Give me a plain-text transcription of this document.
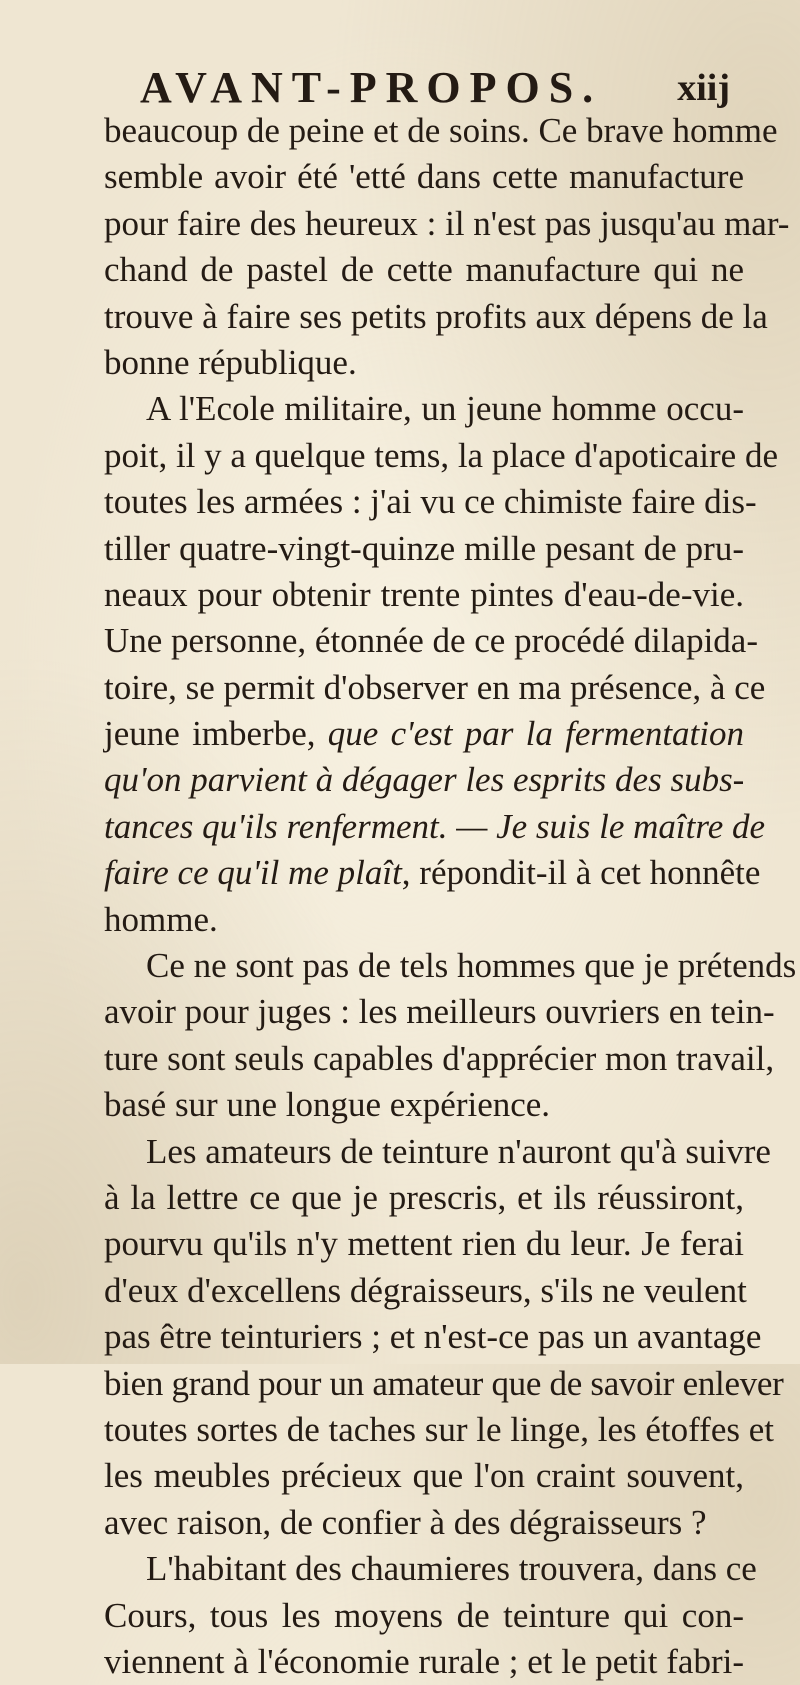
AVANT-PROPOS. xiij
beaucoup de peine et de soins. Ce brave homme
semble avoir été 'etté dans cette manufacture
pour faire des heureux : il n'est pas jusqu'au mar-
chand de pastel de cette manufacture qui ne
trouve à faire ses petits profits aux dépens de la
bonne république.
A l'Ecole militaire, un jeune homme occu-
poit, il y a quelque tems, la place d'apoticaire de
toutes les armées : j'ai vu ce chimiste faire dis-
tiller quatre-vingt-quinze mille pesant de pru-
neaux pour obtenir trente pintes d'eau-de-vie.
Une personne, étonnée de ce procédé dilapida-
toire, se permit d'observer en ma présence, à ce
jeune imberbe, que c'est par la fermentation
qu'on parvient à dégager les esprits des subs-
tances qu'ils renferment. — Je suis le maître de
faire ce qu'il me plaît, répondit-il à cet honnête
homme.
Ce ne sont pas de tels hommes que je prétends
avoir pour juges : les meilleurs ouvriers en tein-
ture sont seuls capables d'apprécier mon travail,
basé sur une longue expérience.
Les amateurs de teinture n'auront qu'à suivre
à la lettre ce que je prescris, et ils réussiront,
pourvu qu'ils n'y mettent rien du leur. Je ferai
d'eux d'excellens dégraisseurs, s'ils ne veulent
pas être teinturiers ; et n'est-ce pas un avantage
bien grand pour un amateur que de savoir enlever
toutes sortes de taches sur le linge, les étoffes et
les meubles précieux que l'on craint souvent,
avec raison, de confier à des dégraisseurs ?
L'habitant des chaumieres trouvera, dans ce
Cours, tous les moyens de teinture qui con-
viennent à l'économie rurale ; et le petit fabri-
